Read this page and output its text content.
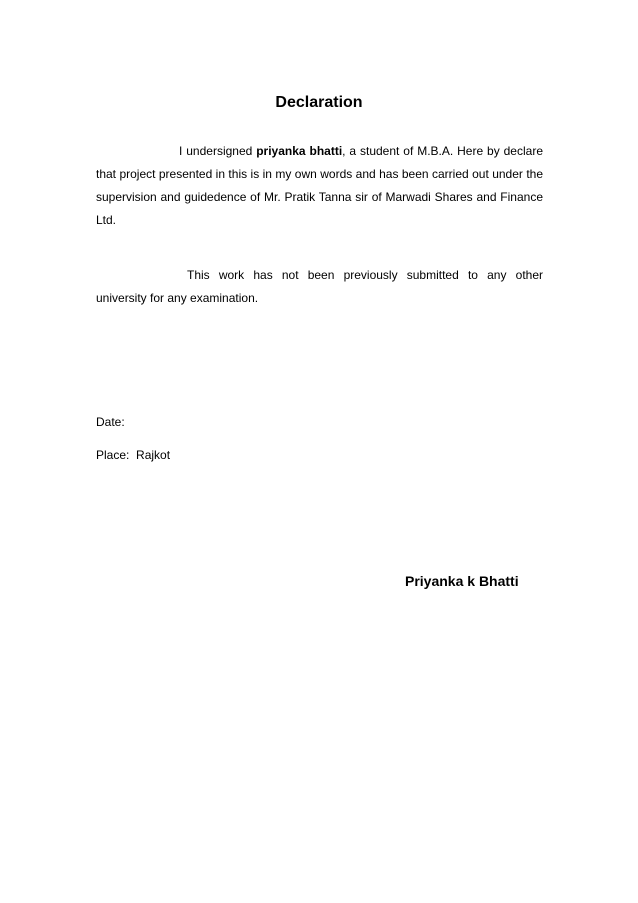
Declaration

I undersigned priyanka bhatti, a student of M.B.A. Here by declare that project presented in this is in my own words and has been carried out under the supervision and guidedence of Mr. Pratik Tanna sir of Marwadi Shares and Finance Ltd.

This work has not been previously submitted to any other university for any examination.

Date:

Place: Rajkot

Priyanka k Bhatti
